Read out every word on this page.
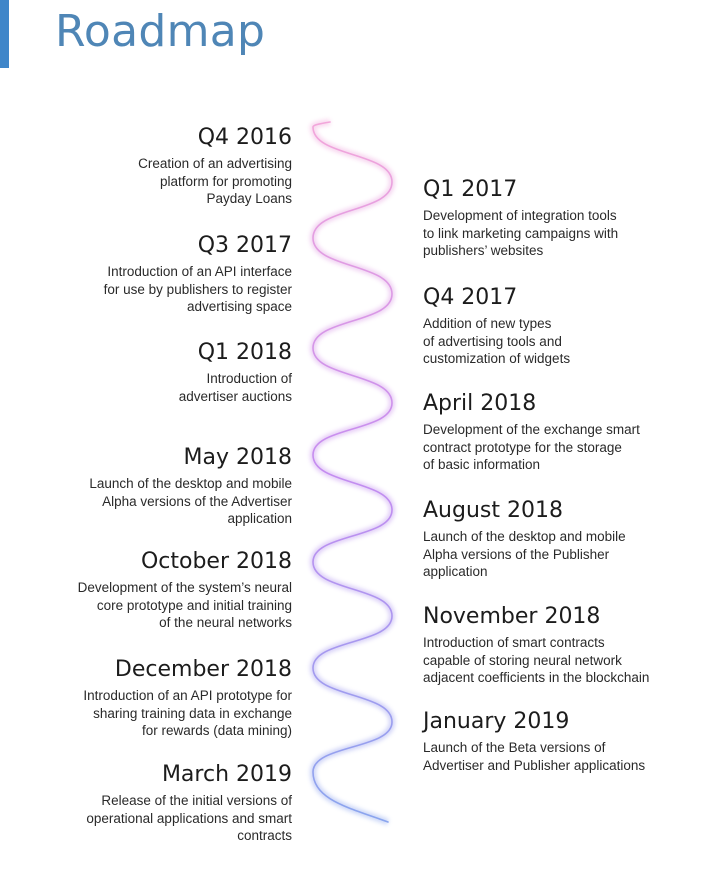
Roadmap
Q4 2016
Creation of an advertising
platform for promoting
Payday Loans	Q1 2017
Development of integration tools
to link marketing campaigns with
publishers’ websites
Q3 2017
Introduction of an API interface
for use by publishers to register
advertising space	Q4 2017
Addition of new types
of advertising tools and
customization of widgets
Q1 2018
Introduction of
advertiser auctions	April 2018
Development of the exchange smart
contract prototype for the storage
of basic information
May 2018
Launch of the desktop and mobile
Alpha versions of the Advertiser
application	August 2018
Launch of the desktop and mobile
Alpha versions of the Publisher
application
October 2018
Development of the system’s neural
core prototype and initial training
of the neural networks	November 2018
Introduction of smart contracts
capable of storing neural network
adjacent coefficients in the blockchain
December 2018
Introduction of an API prototype for
sharing training data in exchange
for rewards (data mining)	January 2019
Launch of the Beta versions of
Advertiser and Publisher applications
March 2019
Release of the initial versions of
operational applications and smart
contracts
